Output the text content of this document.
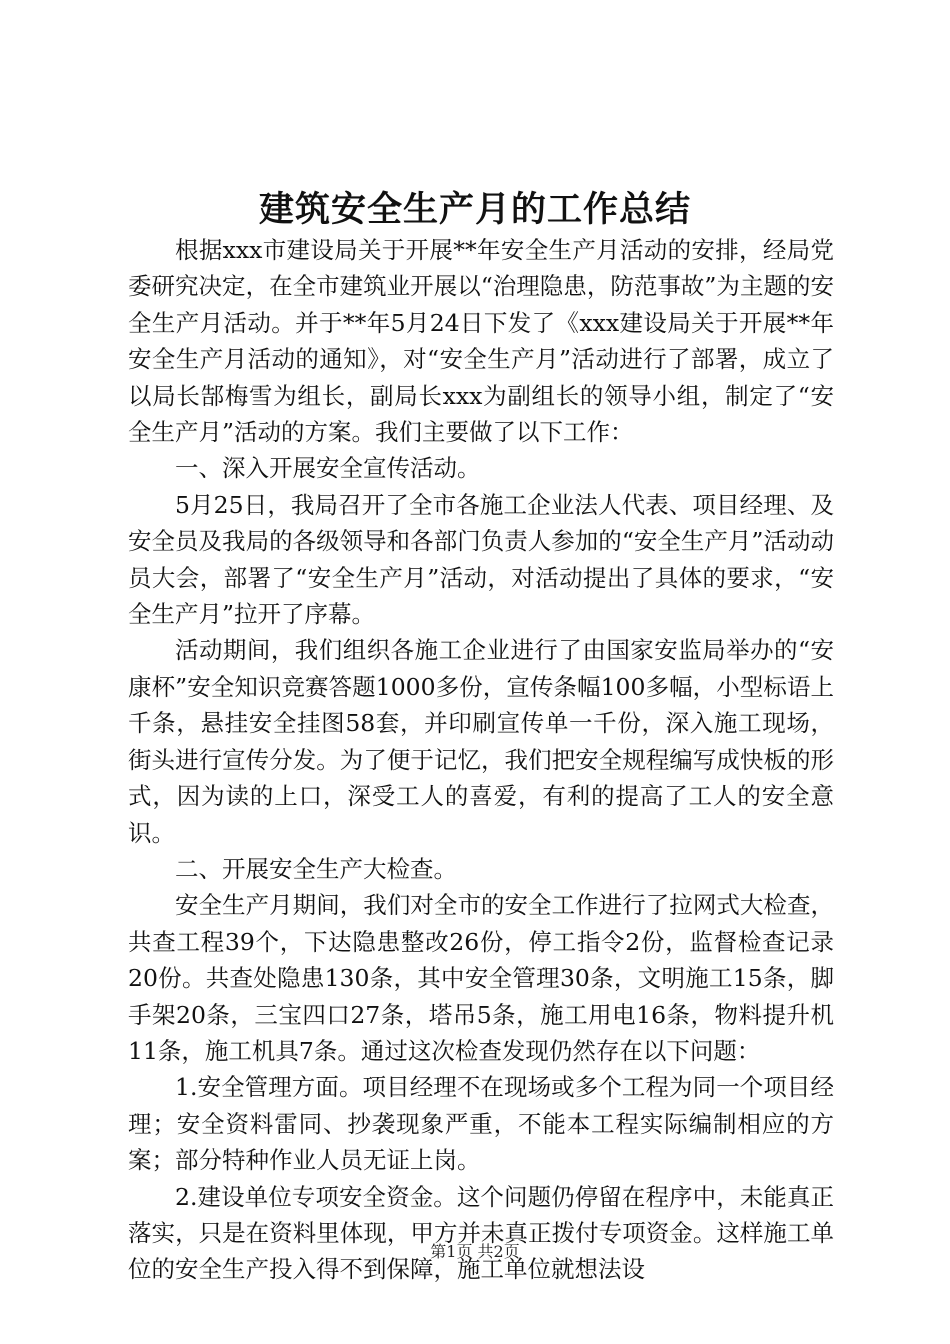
建筑安全生产月的工作总结

根据xxx市建设局关于开展**年安全生产月活动的安排，经局党委研究决定，在全市建筑业开展以“治理隐患，防范事故”为主题的安全生产月活动。并于**年5月24日下发了《xxx建设局关于开展**年安全生产月活动的通知》，对“安全生产月”活动进行了部署，成立了以局长郜梅雪为组长，副局长xxx为副组长的领导小组，制定了“安全生产月”活动的方案。我们主要做了以下工作：

一、深入开展安全宣传活动。

5月25日，我局召开了全市各施工企业法人代表、项目经理、及安全员及我局的各级领导和各部门负责人参加的“安全生产月”活动动员大会，部署了“安全生产月”活动，对活动提出了具体的要求，“安全生产月”拉开了序幕。

活动期间，我们组织各施工企业进行了由国家安监局举办的“安康杯”安全知识竞赛答题1000多份，宣传条幅100多幅，小型标语上千条，悬挂安全挂图58套，并印刷宣传单一千份，深入施工现场，街头进行宣传分发。为了便于记忆，我们把安全规程编写成快板的形式，因为读的上口，深受工人的喜爱，有利的提高了工人的安全意识。

二、开展安全生产大检查。

安全生产月期间，我们对全市的安全工作进行了拉网式大检查，共查工程39个，下达隐患整改26份，停工指令2份，监督检查记录20份。共查处隐患130条，其中安全管理30条，文明施工15条，脚手架20条，三宝四口27条，塔吊5条，施工用电16条，物料提升机11条，施工机具7条。通过这次检查发现仍然存在以下问题：

1.安全管理方面。项目经理不在现场或多个工程为同一个项目经理；安全资料雷同、抄袭现象严重，不能本工程实际编制相应的方案；部分特种作业人员无证上岗。

2.建设单位专项安全资金。这个问题仍停留在程序中，未能真正落实，只是在资料里体现，甲方并未真正拨付专项资金。这样施工单位的安全生产投入得不到保障，施工单位就想法设

第1页 共2页
